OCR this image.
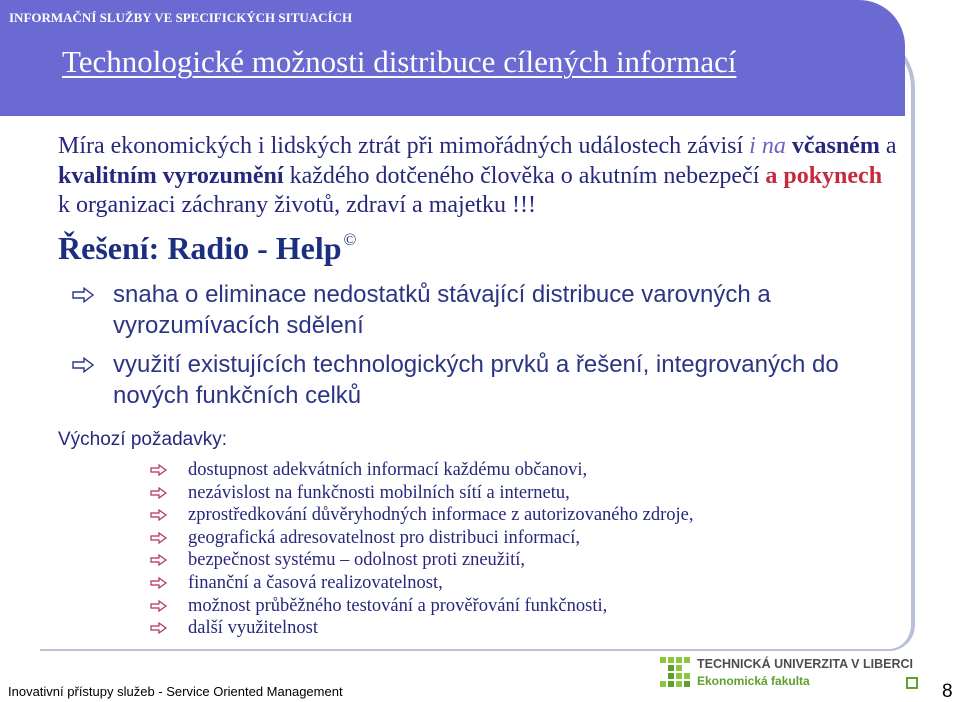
INFORMAČNÍ SLUŽBY VE SPECIFICKÝCH SITUACÍCH
Technologické možnosti distribuce cílených informací
Míra ekonomických i lidských ztrát při mimořádných událostech závisí i na včasném a
kvalitním vyrozumění každého dotčeného člověka o akutním nebezpečí a pokynech
k organizaci záchrany životů, zdraví a majetku !!!
Řešení: Radio - Help ©
snaha o eliminace nedostatků stávající distribuce varovných a
vyrozumívacích sdělení
využití existujících technologických prvků a řešení, integrovaných do
nových funkčních celků
Výchozí požadavky:
dostupnost adekvátních informací každému občanovi,
nezávislost na funkčnosti mobilních sítí a internetu,
zprostředkování důvěryhodných informace z autorizovaného zdroje,
geografická adresovatelnost pro distribuci informací,
bezpečnost systému – odolnost proti zneužití,
finanční a časová realizovatelnost,
možnost průběžného testování a prověřování funkčnosti,
další využitelnost
TECHNICKÁ UNIVERZITA V LIBERCI
Ekonomická fakulta
Inovativní přístupy služeb - Service Oriented Management	8
